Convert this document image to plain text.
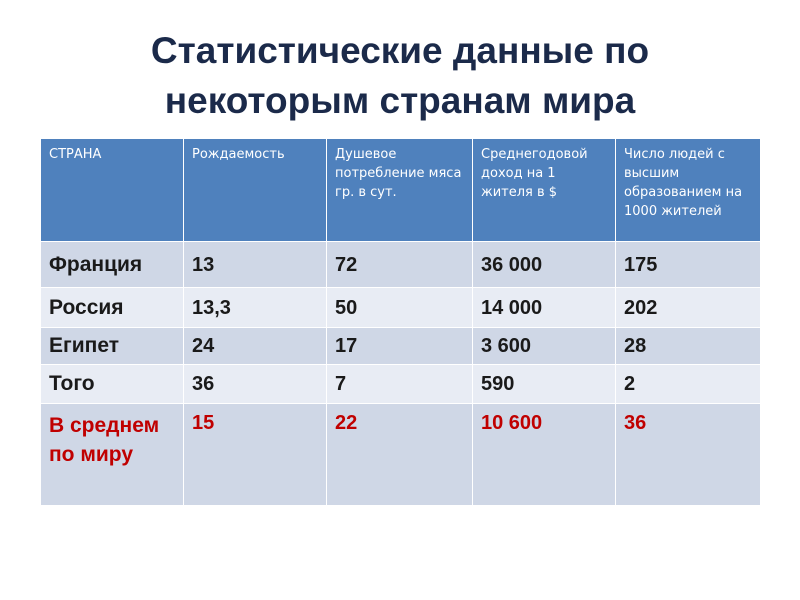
Статистические данные по
некоторым странам мира
СТРАНА	Рождаемость	Душевое потребление мяса гр. в сут.	Среднегодовой доход на 1 жителя в $	Число людей с высшим образованием на 1000 жителей
Франция	13	72	36 000	175
Россия	13,3	50	14 000	202
Египет	24	17	3 600	28
Того	36	7	590	2
В среднем по миру	15	22	10 600	36
